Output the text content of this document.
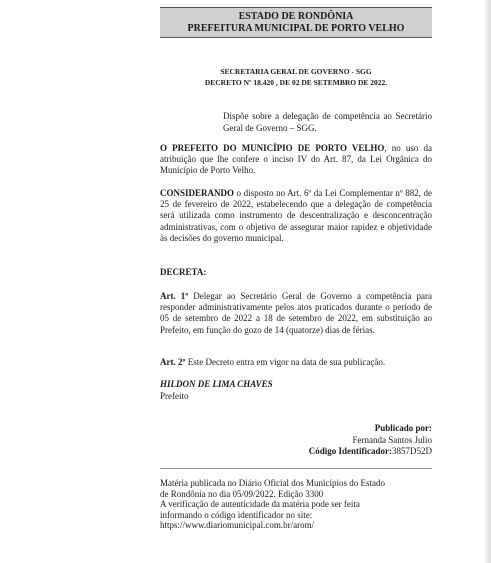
ESTADO DE RONDÔNIA
PREFEITURA MUNICIPAL DE PORTO VELHO
SECRETARIA GERAL DE GOVERNO - SGG
DECRETO Nº 18.420 , DE 02 DE SETEMBRO DE 2022.
Dispõe sobre a delegação de competência ao Secretário Geral de Governo – SGG.
O PREFEITO DO MUNICÍPIO DE PORTO VELHO, no uso da atribuição que lhe confere o inciso IV do Art. 87, da Lei Orgânica do Município de Porto Velho.
CONSIDERANDO o disposto no Art. 6º da Lei Complementar nº 882, de 25 de fevereiro de 2022, estabelecendo que a delegação de competência será utilizada como instrumento de descentralização e desconcentração administrativas, com o objetivo de assegurar maior rapidez e objetividade às decisões do governo municipal.
DECRETA:
Art. 1º Delegar ao Secretário Geral de Governo a competência para responder administrativamente pelos atos praticados durante o período de 05 de setembro de 2022 a 18 de setembro de 2022, em substituição ao Prefeito, em função do gozo de 14 (quatorze) dias de férias.
Art. 2º Este Decreto entra em vigor na data de sua publicação.
HILDON DE LIMA CHAVES
Prefeito
Publicado por:
Fernanda Santos Julio
Código Identificador:3857D52D
Matéria publicada no Diário Oficial dos Municípios do Estado
de Rondônia no dia 05/09/2022. Edição 3300
A verificação de autenticidade da matéria pode ser feita
informando o código identificador no site:
https://www.diariomunicipal.com.br/arom/
